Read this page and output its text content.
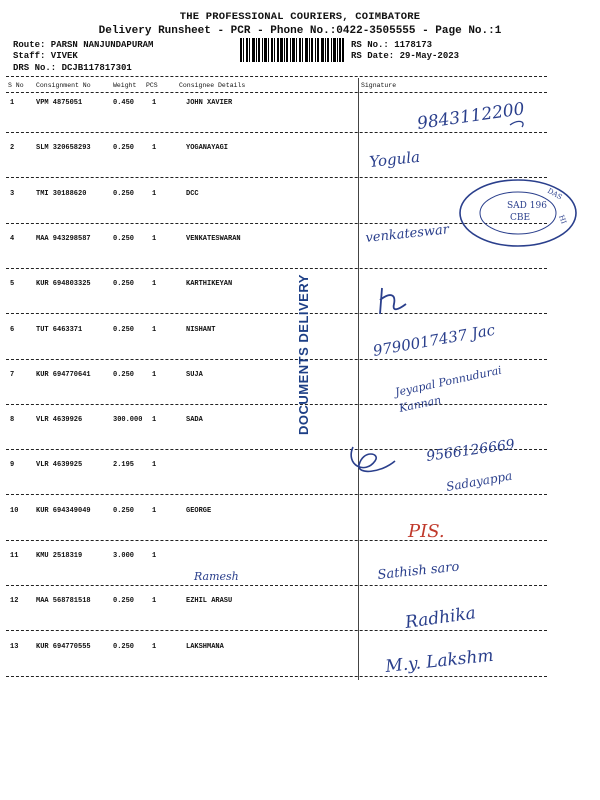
THE PROFESSIONAL COURIERS, COIMBATORE
Delivery Runsheet - PCR - Phone No.:0422-3505555 - Page No.:1
Route: PARSN NANJUNDAPURAM
Staff: VIVEK
DRS No.: DCJB117817301
RS No.: 1178173
RS Date: 29-May-2023
S No Consignment No	Weight PCS	Consignee Details	Signature
1	VPM 4875051	0.450	1	JOHN XAVIER
2	SLM 320658293	0.250	1	YOGANAYAGI
3	TMI 30188620	0.250	1	DCC
4	MAA 943298587	0.250	1	VENKATESWARAN
5	KUR 694803325	0.250	1	KARTHIKEYAN
6	TUT 6463371	0.250	1	NISHANT
7	KUR 694770641	0.250	1	SUJA
8	VLR 4639926	300.000 1	SADA
9	VLR 4639925	2.195	1
10	KUR 694349049	0.250	1	GEORGE
11	KMU 2518319	3.000	1
12	MAA 568781518	0.250	1	EZHIL ARASU
13	KUR 694770555	0.250	1	LAKSHMANA
DOCUMENTS DELIVERY
SAD 196
CBE
DAS
HI
9843112200
Yogula
venkateswar
9790017437 Jac
Jeyapal Ponnudurai
Kannan
9566126669
Sadayappa
PIS.
Sathish saro
Ramesh
Radhika
M.y. Lakshm
